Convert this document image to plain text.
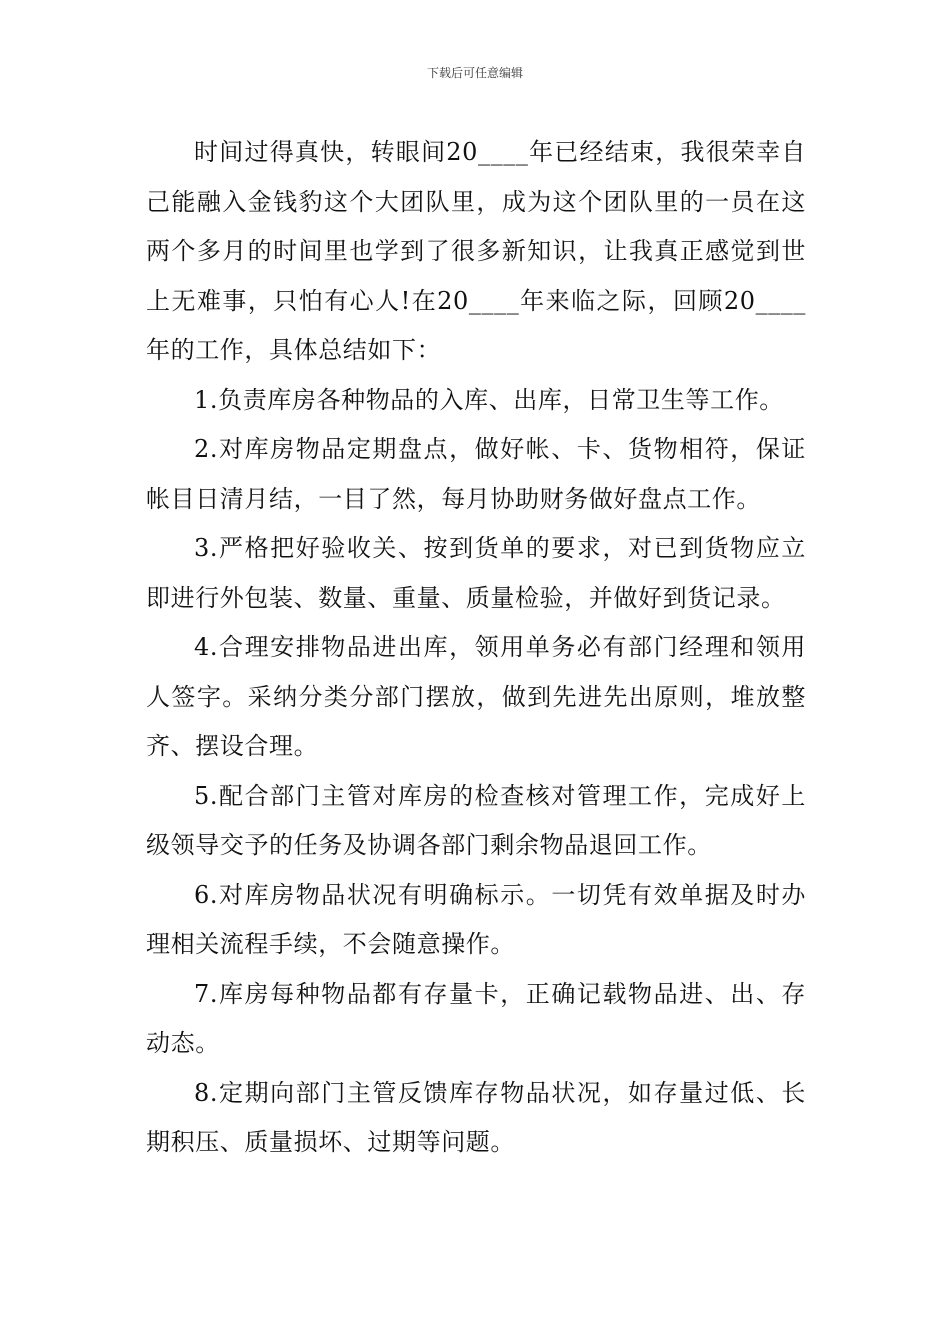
下载后可任意编辑

时间过得真快，转眼间20____年已经结束，我很荣幸自己能融入金钱豹这个大团队里，成为这个团队里的一员在这两个多月的时间里也学到了很多新知识，让我真正感觉到世上无难事，只怕有心人!在20____年来临之际，回顾20____年的工作，具体总结如下：

1.负责库房各种物品的入库、出库，日常卫生等工作。

2.对库房物品定期盘点，做好帐、卡、货物相符，保证帐目日清月结，一目了然，每月协助财务做好盘点工作。

3.严格把好验收关、按到货单的要求，对已到货物应立即进行外包装、数量、重量、质量检验，并做好到货记录。

4.合理安排物品进出库，领用单务必有部门经理和领用人签字。采纳分类分部门摆放，做到先进先出原则，堆放整齐、摆设合理。

5.配合部门主管对库房的检查核对管理工作，完成好上级领导交予的任务及协调各部门剩余物品退回工作。

6.对库房物品状况有明确标示。一切凭有效单据及时办理相关流程手续，不会随意操作。

7.库房每种物品都有存量卡，正确记载物品进、出、存动态。

8.定期向部门主管反馈库存物品状况，如存量过低、长期积压、质量损坏、过期等问题。
